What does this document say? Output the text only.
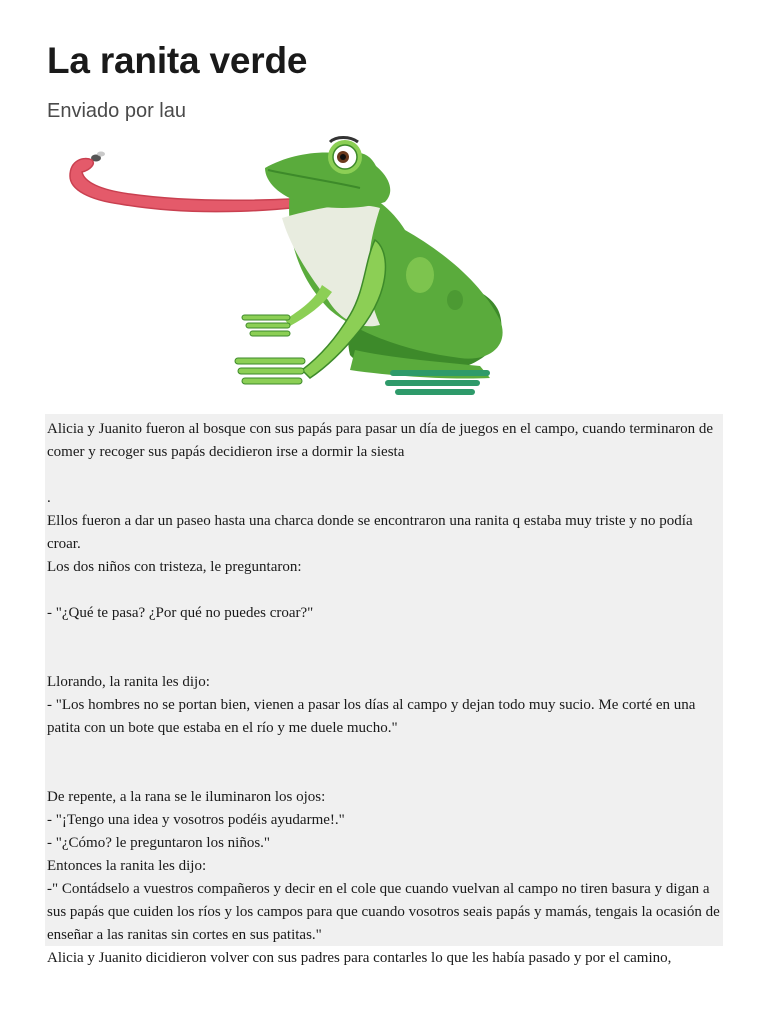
La ranita verde

Enviado por lau

Alicia y Juanito fueron al bosque con sus papás para pasar un día de juegos en el campo, cuando terminaron de comer y recoger sus papás decidieron irse a dormir la siesta

.

Ellos fueron a dar un paseo hasta una charca donde se encontraron una ranita q estaba muy triste y no podía croar.

Los dos niños con tristeza, le preguntaron:

- "¿Qué te pasa? ¿Por qué no puedes croar?"

Llorando, la ranita les dijo:

- "Los hombres no se portan bien, vienen a pasar los días al campo y dejan todo muy sucio. Me corté en una patita con un bote que estaba en el río y me duele mucho."

De repente, a la rana se le iluminaron los ojos:

- "¡Tengo una idea y vosotros podéis ayudarme!."

- "¿Cómo? le preguntaron los niños."

Entonces la ranita les dijo:

-" Contádselo a vuestros compañeros y decir en el cole que cuando vuelvan al campo no tiren basura y digan a sus papás que cuiden los ríos y los campos para que cuando vosotros seais papás y mamás, tengais la ocasión de enseñar a las ranitas sin cortes en sus patitas."

Alicia y Juanito dicidieron volver con sus padres para contarles lo que les había pasado y por el camino,
